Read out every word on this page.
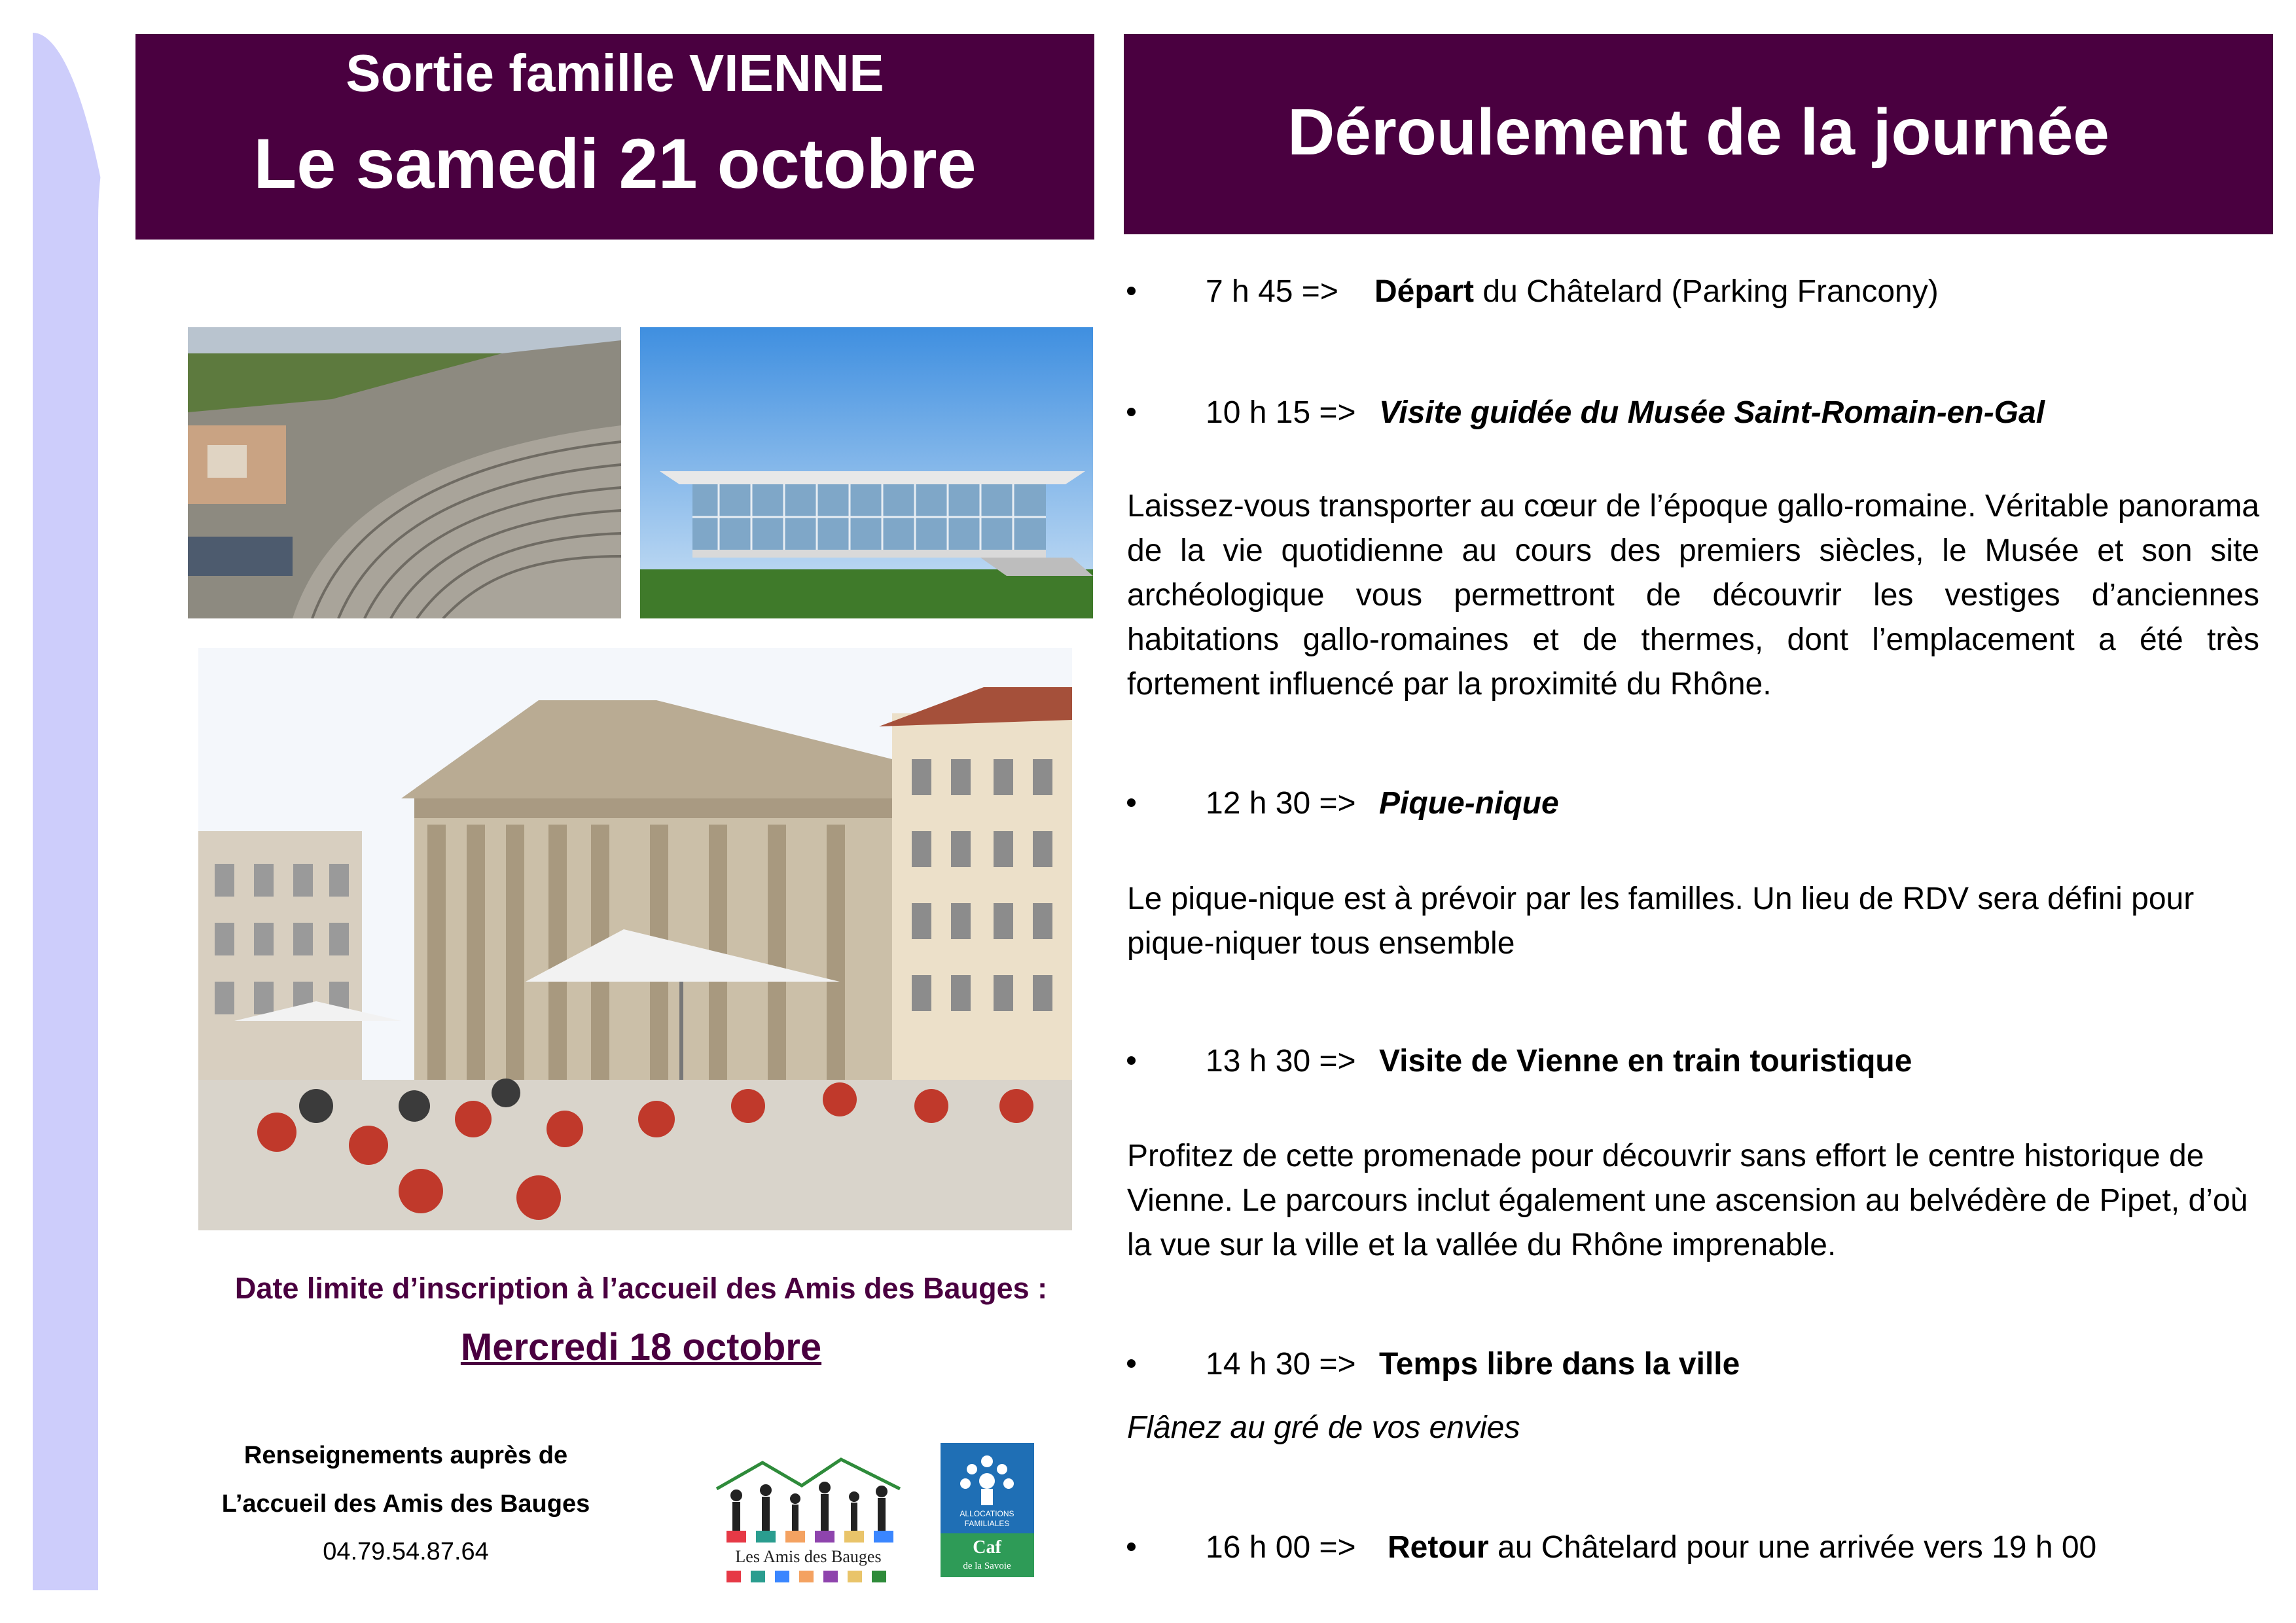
Sortie famille VIENNE
Le samedi 21 octobre	Déroulement de la journée
Date limite d’inscription à l’accueil des Amis des Bauges :
Mercredi 18 octobre
Renseignements auprès de
L’accueil des Amis des Bauges
04.79.54.87.64	Les Amis des Bauges
ALLOCATIONS
FAMILIALES
Caf
de la Savoie
7 h 45 => Départ du Châtelard (Parking Francony)
10 h 15 => Visite guidée du Musée Saint-Romain-en-Gal
Laissez-vous transporter au cœur de l’époque gallo-romaine. Véritable panorama de la vie quotidienne au cours des premiers siècles, le Musée et son site archéologique vous permettront de découvrir les vestiges d’anciennes habitations gallo-romaines et de thermes, dont l’emplacement a été très fortement influencé par la proximité du Rhône.
12 h 30 => Pique-nique
Le pique-nique est à prévoir par les familles. Un lieu de RDV sera défini pour pique-niquer tous ensemble
13 h 30 => Visite de Vienne en train touristique
Profitez de cette promenade pour découvrir sans effort le centre historique de Vienne. Le parcours inclut également une ascension au belvédère de Pipet, d’où la vue sur la ville et la vallée du Rhône imprenable.
14 h 30 => Temps libre dans la ville
Flânez au gré de vos envies
16 h 00 => Retour au Châtelard pour une arrivée vers 19 h 00
